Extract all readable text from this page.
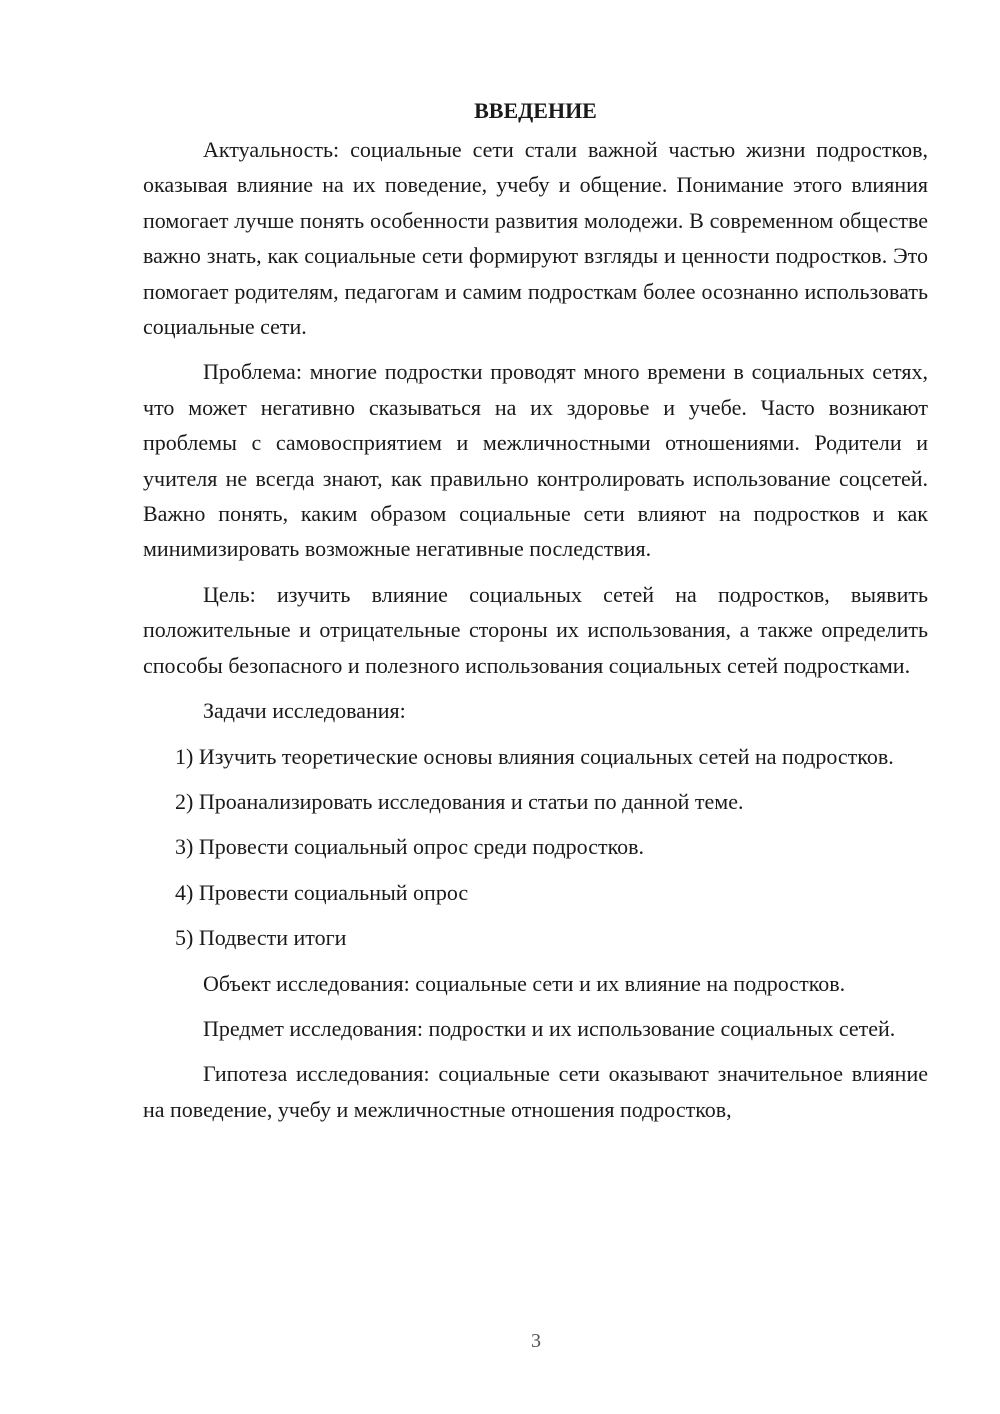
ВВЕДЕНИЕ

Актуальность: социальные сети стали важной частью жизни подростков, оказывая влияние на их поведение, учебу и общение. Понимание этого влияния помогает лучше понять особенности развития молодежи. В современном обществе важно знать, как социальные сети формируют взгляды и ценности подростков. Это помогает родителям, педагогам и самим подросткам более осознанно использовать социальные сети.

Проблема: многие подростки проводят много времени в социальных сетях, что может негативно сказываться на их здоровье и учебе. Часто возникают проблемы с самовосприятием и межличностными отношениями. Родители и учителя не всегда знают, как правильно контролировать использование соцсетей. Важно понять, каким образом социальные сети влияют на подростков и как минимизировать возможные негативные последствия.

Цель: изучить влияние социальных сетей на подростков, выявить положительные и отрицательные стороны их использования, а также определить способы безопасного и полезного использования социальных сетей подростками.

Задачи исследования:

1) Изучить теоретические основы влияния социальных сетей на подростков.

2) Проанализировать исследования и статьи по данной теме.

3) Провести социальный опрос среди подростков.

4) Провести социальный опрос

5) Подвести итоги

Объект исследования: социальные сети и их влияние на подростков.

Предмет исследования: подростки и их использование социальных сетей.

Гипотеза исследования: социальные сети оказывают значительное влияние на поведение, учебу и межличностные отношения подростков,

3
